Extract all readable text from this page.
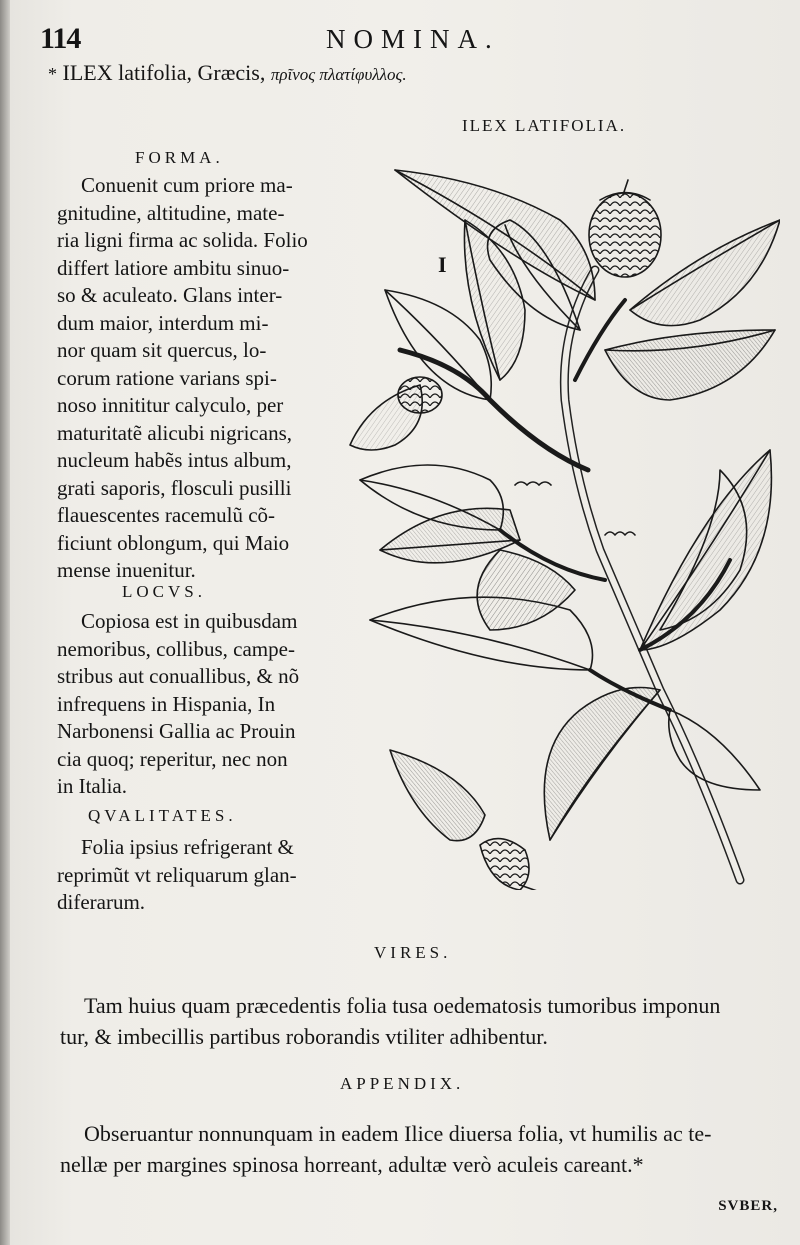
114	NOMINA.
* ILEX latifolia, Græcis, πρῖνος πλατίφυλλος.
ILEX LATIFOLIA.
I
FORMA.
Conuenit cum priore ma-
gnitudine, altitudine, mate-
ria ligni firma ac solida. Folio
differt latiore ambitu sinuo-
so & aculeato. Glans inter-
dum maior, interdum mi-
nor quam sit quercus, lo-
corum ratione varians spi-
noso innititur calyculo, per
maturitatẽ alicubi nigricans,
nucleum habẽs intus album,
grati saporis, flosculi pusilli
flauescentes racemulũ cõ-
ficiunt oblongum, qui Maio
mense inuenitur.
LOCVS.
Copiosa est in quibusdam
nemoribus, collibus, campe-
stribus aut conuallibus, & nõ
infrequens in Hispania, In
Narbonensi Gallia ac Prouin
cia quoq; reperitur, nec non
in Italia.
QVALITATES.
Folia ipsius refrigerant &
reprimũt vt reliquarum glan-
diferarum.
VIRES.
Tam huius quam præcedentis folia tusa oedematosis tumoribus imponun
tur, & imbecillis partibus roborandis vtiliter adhibentur.
APPENDIX.
Obseruantur nonnunquam in eadem Ilice diuersa folia, vt humilis ac te-
nellæ per margines spinosa horreant, adultæ verò aculeis careant.*
SVBER,
